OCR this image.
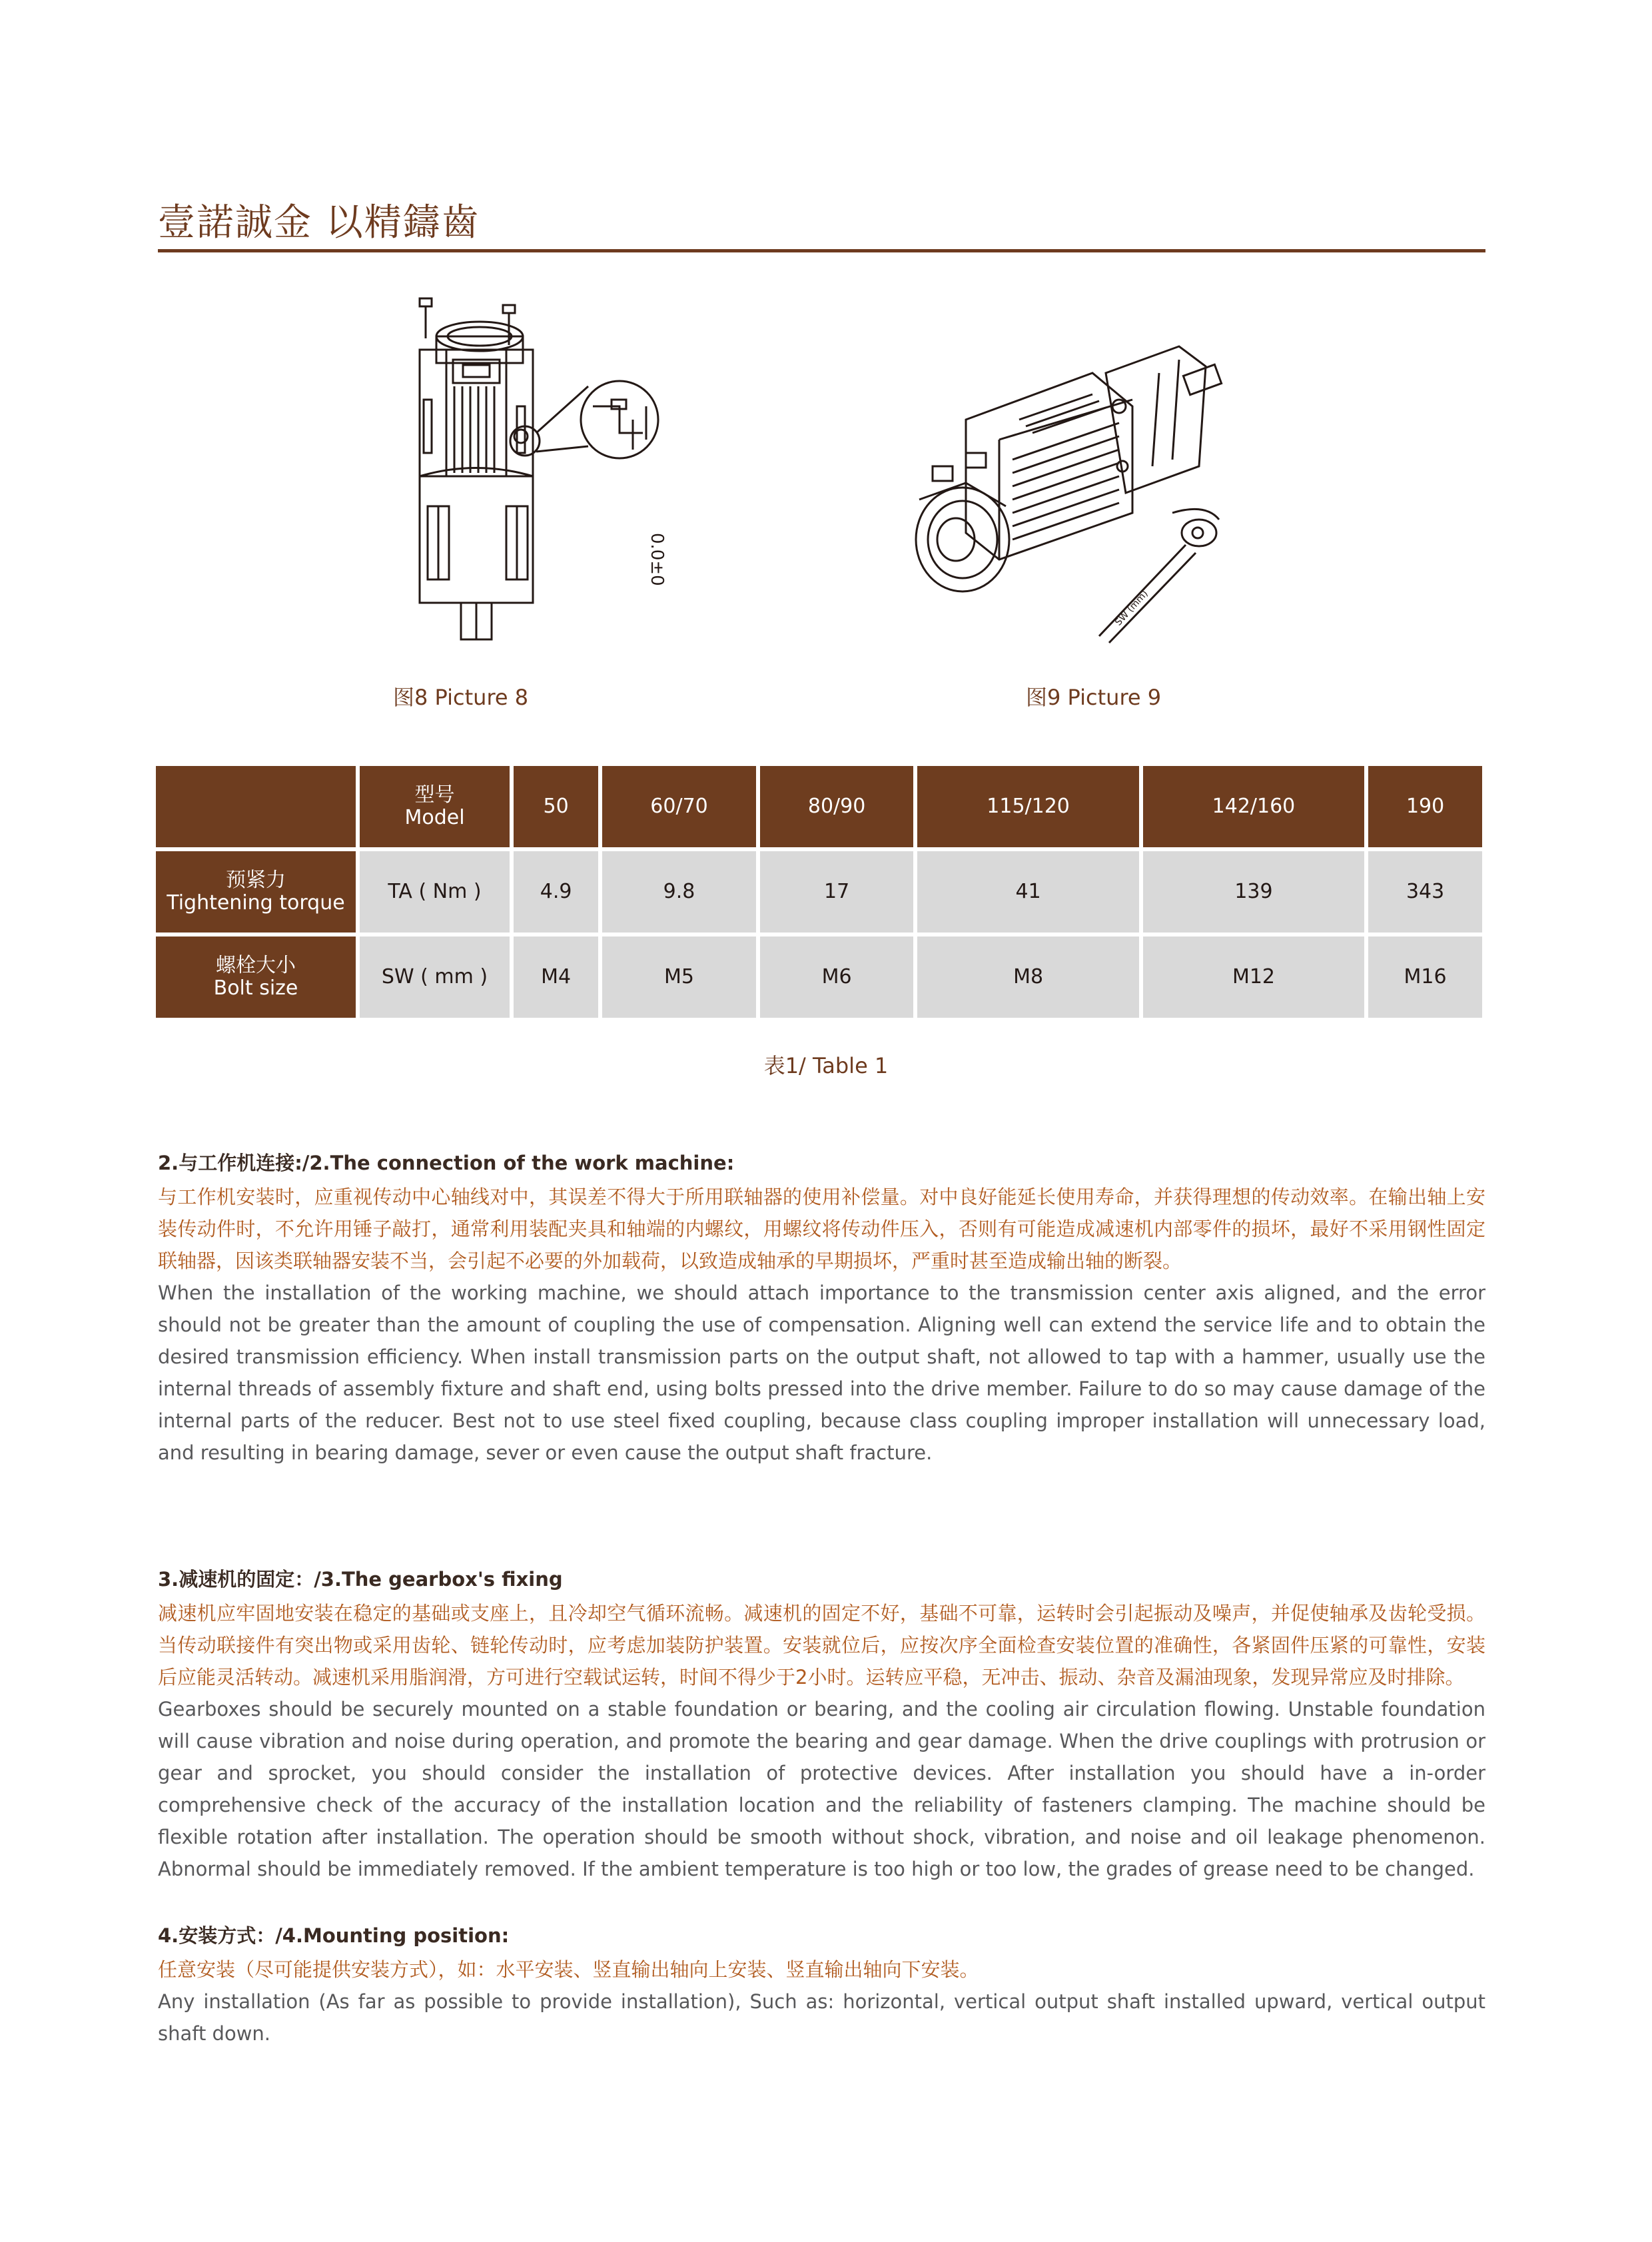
壹諾誠金 以精鑄齒
0.0±0
图8 Picture 8
SW (mm)
图9 Picture 9

	型号
Model	50	60/70	80/90	115/120	142/160	190

预紧力
Tightening torque	TA ( Nm )	4.9	9.8	17	41	139	343

螺栓大小
Bolt size	SW ( mm )	M4	M5	M6	M8	M12	M16
表1/ Table 1

2.与工作机连接:/2.The connection of the work machine:

与工作机安装时，应重视传动中心轴线对中，其误差不得大于所用联轴器的使用补偿量。对中良好能延长使用寿命，并获得理想的传动效率。在输出轴上安装传动件时，不允许用锤子敲打，通常利用装配夹具和轴端的内螺纹，用螺纹将传动件压入，否则有可能造成减速机内部零件的损坏，最好不采用钢性固定联轴器，因该类联轴器安装不当，会引起不必要的外加载荷，以致造成轴承的早期损坏，严重时甚至造成输出轴的断裂。

When the installation of the working machine, we should attach importance to the transmission center axis aligned, and the error should not be greater than the amount of coupling the use of compensation. Aligning well can extend the service life and to obtain the desired transmission efficiency. When install transmission parts on the output shaft, not allowed to tap with a hammer, usually use the internal threads of assembly fixture and shaft end, using bolts pressed into the drive member. Failure to do so may cause damage of the internal parts of the reducer. Best not to use steel fixed coupling, because class coupling improper installation will unnecessary load, and resulting in bearing damage, sever or even cause the output shaft fracture.

3.减速机的固定：/3.The gearbox's fixing

减速机应牢固地安装在稳定的基础或支座上，且冷却空气循环流畅。减速机的固定不好，基础不可靠，运转时会引起振动及噪声，并促使轴承及齿轮受损。当传动联接件有突出物或采用齿轮、链轮传动时，应考虑加装防护装置。安装就位后，应按次序全面检查安装位置的准确性，各紧固件压紧的可靠性，安装后应能灵活转动。减速机采用脂润滑，方可进行空载试运转，时间不得少于2小时。运转应平稳，无冲击、振动、杂音及漏油现象，发现异常应及时排除。

Gearboxes should be securely mounted on a stable foundation or bearing, and the cooling air circulation flowing. Unstable foundation will cause vibration and noise during operation, and promote the bearing and gear damage. When the drive couplings with protrusion or gear and sprocket, you should consider the installation of protective devices. After installation you should have a in-order comprehensive check of the accuracy of the installation location and the reliability of fasteners clamping. The machine should be flexible rotation after installation. The operation should be smooth without shock, vibration, and noise and oil leakage phenomenon. Abnormal should be immediately removed. If the ambient temperature is too high or too low, the grades of grease need to be changed.

4.安装方式：/4.Mounting position:

任意安装（尽可能提供安装方式），如：水平安装、竖直输出轴向上安装、竖直输出轴向下安装。

Any installation (As far as possible to provide installation), Such as: horizontal, vertical output shaft installed upward, vertical output shaft down.
